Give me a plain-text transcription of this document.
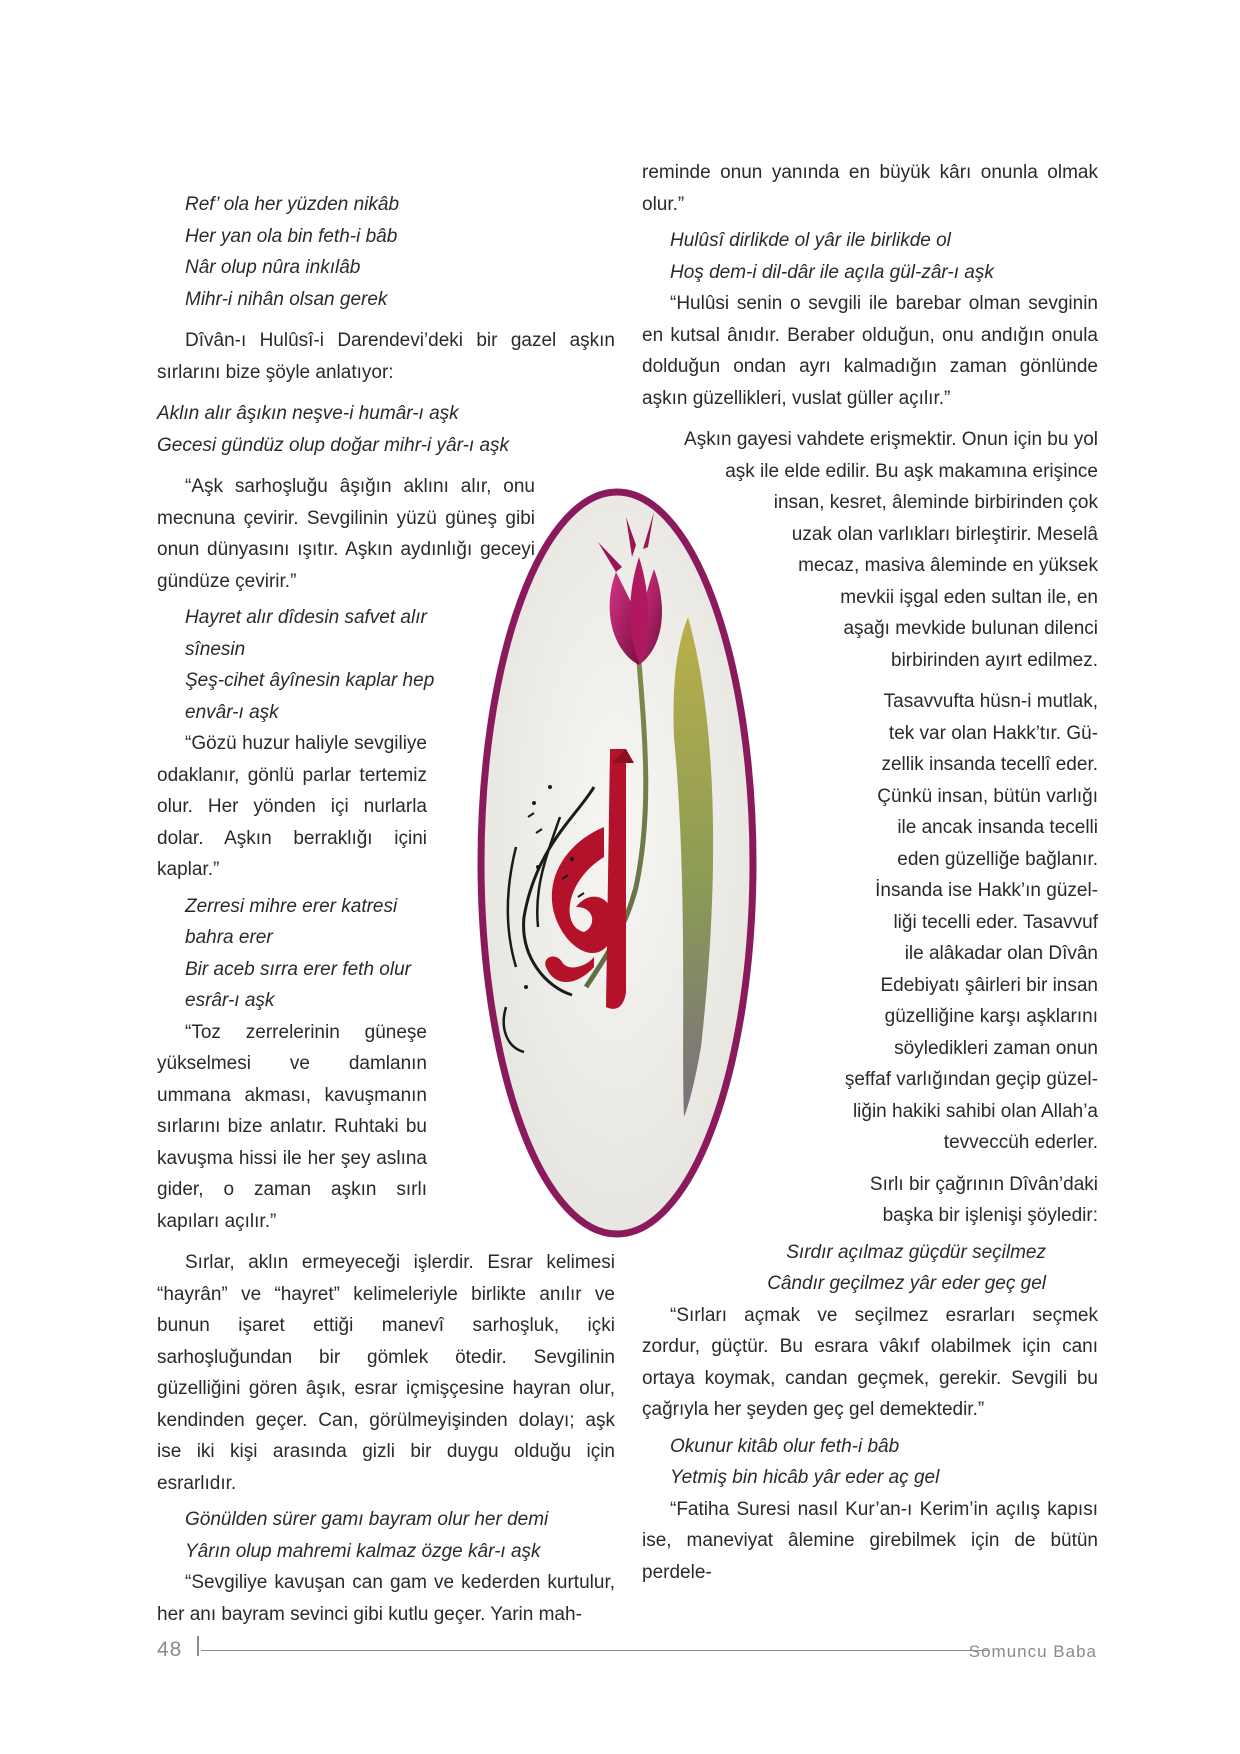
Ref’ ola her yüzden nikâb
Her yan ola bin feth-i bâb
Nâr olup nûra inkılâb
Mihr-i nihân olsan gerek

Dîvân-ı Hulûsî-i Darendevi’deki bir gazel aşkın sırlarını bize şöyle anlatıyor:

Aklın alır âşıkın neşve-i humâr-ı aşk
Gecesi gündüz olup doğar mihr-i yâr-ı aşk

“Aşk sarhoşluğu âşığın aklını alır, onu mecnuna çevirir. Sevgilinin yüzü güneş gibi onun dünyasını ışıtır. Aşkın aydınlığı geceyi gündüze çevirir.”

Hayret alır dîdesin safvet alır sînesin
Şeş-cihet âyînesin kaplar hep envâr-ı aşk

“Gözü huzur haliyle sevgiliye odaklanır, gönlü parlar tertemiz olur. Her yönden içi nurlarla dolar. Aşkın berraklığı içini kaplar.”

Zerresi mihre erer katresi bahra erer
Bir aceb sırra erer feth olur esrâr-ı aşk

“Toz zerrelerinin güneşe yükselmesi ve damlanın ummana akması, kavuşmanın sırlarını bize anlatır. Ruhtaki bu kavuşma hissi ile her şey aslına gider, o zaman aşkın sırlı kapıları açılır.”

Sırlar, aklın ermeyeceği işlerdir. Esrar kelimesi “hayrân” ve “hayret” kelimeleriyle birlikte anılır ve bunun işaret ettiği manevî sarhoşluk, içki sarhoşluğundan bir gömlek ötedir. Sevgilinin güzelliğini gören âşık, esrar içmişçesine hayran olur, kendinden geçer. Can, görülmeyişinden dolayı; aşk ise iki kişi arasında gizli bir duygu olduğu için esrarlıdır.

Gönülden sürer gamı bayram olur her demi
Yârın olup mahremi kalmaz özge kâr-ı aşk

“Sevgiliye kavuşan can gam ve kederden kurtulur, her anı bayram sevinci gibi kutlu geçer. Yarin mah-

reminde onun yanında en büyük kârı onunla olmak olur.”

Hulûsî dirlikde ol yâr ile birlikde ol
Hoş dem-i dil-dâr ile açıla gül-zâr-ı aşk

“Hulûsi senin o sevgili ile barebar olman sevginin en kutsal ânıdır. Beraber olduğun, onu andığın onula dolduğun ondan ayrı kalmadığın zaman gönlünde aşkın güzellikleri, vuslat güller açılır.”

Aşkın gayesi vahdete erişmektir. Onun için bu yol
aşk ile elde edilir. Bu aşk makamına erişince
insan, kesret, âleminde birbirinden çok
uzak olan varlıkları birleştirir. Meselâ
mecaz, masiva âleminde en yüksek
mevkii işgal eden sultan ile, en
aşağı mevkide bulunan dilenci
birbirinden ayırt edilmez.
Tasavvufta hüsn-i mutlak,
tek var olan Hakk’tır. Gü-
zellik insanda tecellî eder.
Çünkü insan, bütün varlığı
ile ancak insanda tecelli
eden güzelliğe bağlanır.
İnsanda ise Hakk’ın güzel-
liği tecelli eder. Tasavvuf
ile alâkadar olan Dîvân
Edebiyatı şâirleri bir insan
güzelliğine karşı aşklarını
söyledikleri zaman onun
şeffaf varlığından geçip güzel-
liğin hakiki sahibi olan Allah’a
tevveccüh ederler.
Sırlı bir çağrının Dîvân’daki
başka bir işlenişi şöyledir:
Sırdır açılmaz güçdür seçilmez
Cândır geçilmez yâr eder geç gel

“Sırları açmak ve seçilmez esrarları seçmek zordur, güçtür. Bu esrara vâkıf olabilmek için canı ortaya koymak, candan geçmek, gerekir. Sevgili bu çağrıyla her şeyden geç gel demektedir.”

Okunur kitâb olur feth-i bâb
Yetmiş bin hicâb yâr eder aç gel

“Fatiha Suresi nasıl Kur’an-ı Kerim’in açılış kapısı ise, maneviyat âlemine girebilmek için de bütün perdele-

48	Somuncu Baba
